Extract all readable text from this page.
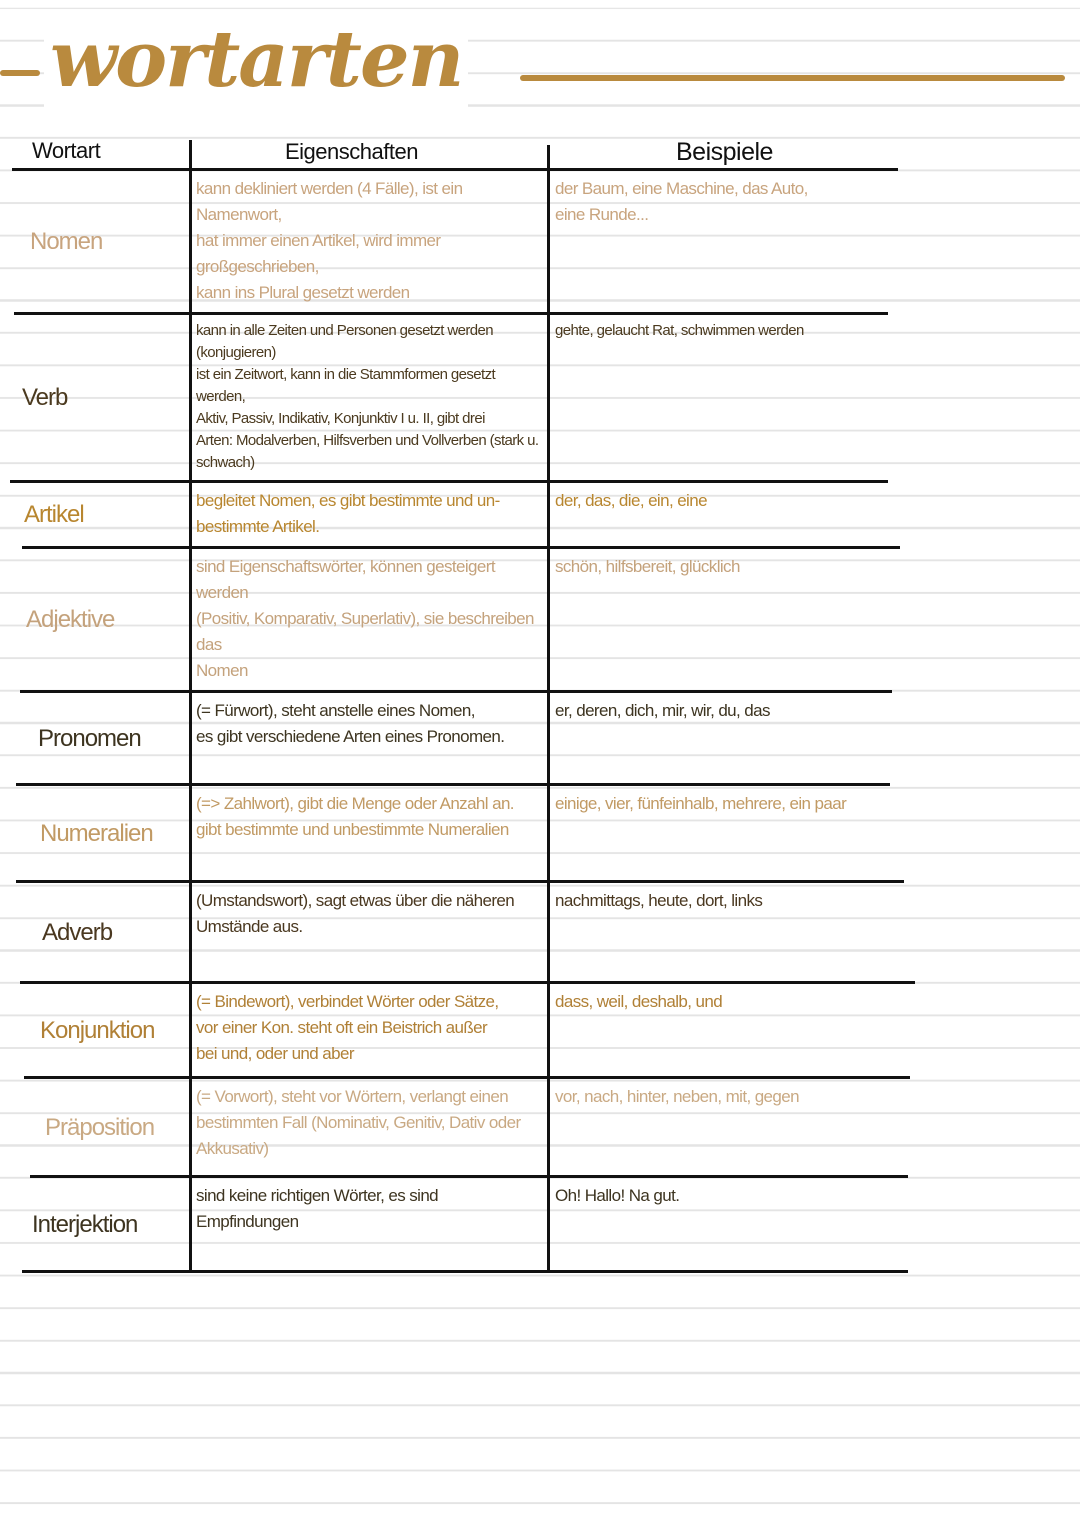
wortarten
Wortart	Eigenschaften	Beispiele
kann dekliniert werden (4 Fälle), ist ein Namenwort,
hat immer einen Artikel, wird immer großgeschrieben,
kann ins Plural gesetzt werden
der Baum, eine Maschine, das Auto,
eine Runde...
Nomen
kann in alle Zeiten und Personen gesetzt werden (konjugieren)
ist ein Zeitwort, kann in die Stammformen gesetzt werden,
Aktiv, Passiv, Indikativ, Konjunktiv I u. II, gibt drei
Arten: Modalverben, Hilfsverben und Vollverben (stark u. schwach)
gehte, gelaucht Rat, schwimmen werden
Verb
begleitet Nomen, es gibt bestimmte und un-
bestimmte Artikel.
der, das, die, ein, eine
Artikel
sind Eigenschaftswörter, können gesteigert werden
(Positiv, Komparativ, Superlativ), sie beschreiben das
Nomen
schön, hilfsbereit, glücklich
Adjektive
(= Fürwort), steht anstelle eines Nomen,
es gibt verschiedene Arten eines Pronomen.
er, deren, dich, mir, wir, du, das
Pronomen
(=> Zahlwort), gibt die Menge oder Anzahl an.
gibt bestimmte und unbestimmte Numeralien
einige, vier, fünfeinhalb, mehrere, ein paar
Numeralien
(Umstandswort), sagt etwas über die näheren
Umstände aus.
nachmittags, heute, dort, links
Adverb
(= Bindewort), verbindet Wörter oder Sätze,
vor einer Kon. steht oft ein Beistrich außer
bei und, oder und aber
dass, weil, deshalb, und
Konjunktion
(= Vorwort), steht vor Wörtern, verlangt einen
bestimmten Fall (Nominativ, Genitiv, Dativ oder
Akkusativ)
vor, nach, hinter, neben, mit, gegen
Präposition
sind keine richtigen Wörter, es sind Empfindungen
Oh! Hallo! Na gut.
Interjektion
